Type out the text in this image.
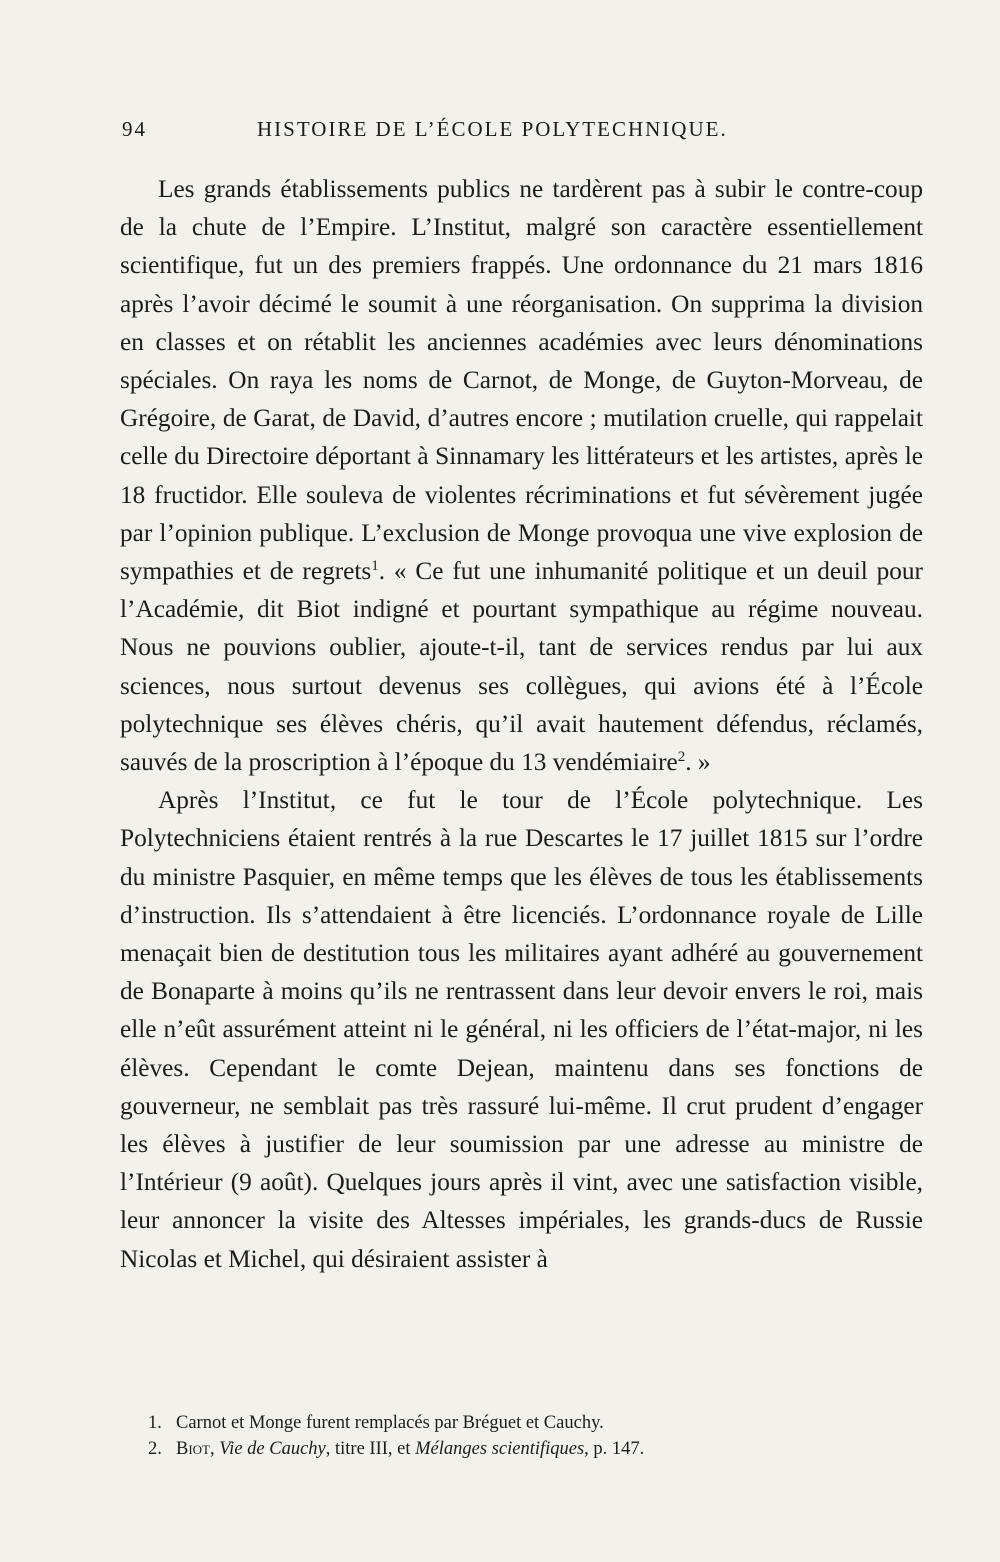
94	HISTOIRE DE L’ÉCOLE POLYTECHNIQUE.

Les grands établissements publics ne tardèrent pas à subir le contre-coup de la chute de l’Empire. L’Institut, malgré son caractère essentiellement scientifique, fut un des premiers frappés. Une ordonnance du 21 mars 1816 après l’avoir décimé le soumit à une réorganisation. On supprima la division en classes et on rétablit les anciennes académies avec leurs dénominations spéciales. On raya les noms de Carnot, de Monge, de Guyton-Morveau, de Grégoire, de Garat, de David, d’autres encore ; mutilation cruelle, qui rappelait celle du Directoire déportant à Sinnamary les littérateurs et les artistes, après le 18 fructidor. Elle souleva de violentes récriminations et fut sévèrement jugée par l’opinion publique. L’exclusion de Monge provoqua une vive explosion de sympathies et de regrets$^1$. « Ce fut une inhumanité politique et un deuil pour l’Académie, dit Biot indigné et pourtant sympathique au régime nouveau. Nous ne pouvions oublier, ajoute-t-il, tant de services rendus par lui aux sciences, nous surtout devenus ses collègues, qui avions été à l’École polytechnique ses élèves chéris, qu’il avait hautement défendus, réclamés, sauvés de la proscription à l’époque du 13 vendémiaire$^2$. »

Après l’Institut, ce fut le tour de l’École polytechnique. Les Polytechniciens étaient rentrés à la rue Descartes le 17 juillet 1815 sur l’ordre du ministre Pasquier, en même temps que les élèves de tous les établissements d’instruction. Ils s’attendaient à être licenciés. L’ordonnance royale de Lille menaçait bien de destitution tous les militaires ayant adhéré au gouvernement de Bonaparte à moins qu’ils ne rentrassent dans leur devoir envers le roi, mais elle n’eût assurément atteint ni le général, ni les officiers de l’état-major, ni les élèves. Cependant le comte Dejean, maintenu dans ses fonctions de gouverneur, ne semblait pas très rassuré lui-même. Il crut prudent d’engager les élèves à justifier de leur soumission par une adresse au ministre de l’Intérieur (9 août). Quelques jours après il vint, avec une satisfaction visible, leur annoncer la visite des Altesses impériales, les grands-ducs de Russie Nicolas et Michel, qui désiraient assister à

1. Carnot et Monge furent remplacés par Bréguet et Cauchy.
2. Biot, Vie de Cauchy, titre III, et Mélanges scientifiques, p. 147.
